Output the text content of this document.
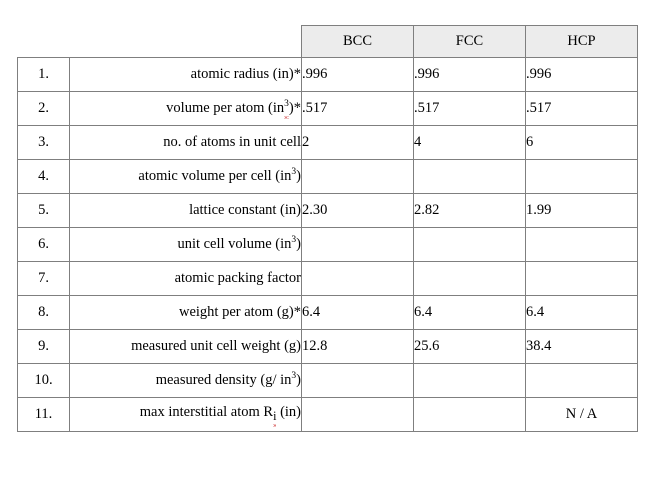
		BCC	FCC	HCP

1.	atomic radius (in)*	.996	.996	.996

2.	volume per atom $(in^3)*$	.517	.517	.517

3.	no. of atoms in unit cell	2	4	6

4.	atomic volume per cell $(in^3)$			

5.	lattice constant (in)	2.30	2.82	1.99

6.	unit cell volume $(in^3)$			

7.	atomic packing factor			

8.	weight per atom (g)*	6.4	6.4	6.4

9.	measured unit cell weight (g)	12.8	25.6	38.4

10.	measured density (g/ $in^3$)			

11.	max interstitial atom $R_i$ (in)			N / A
